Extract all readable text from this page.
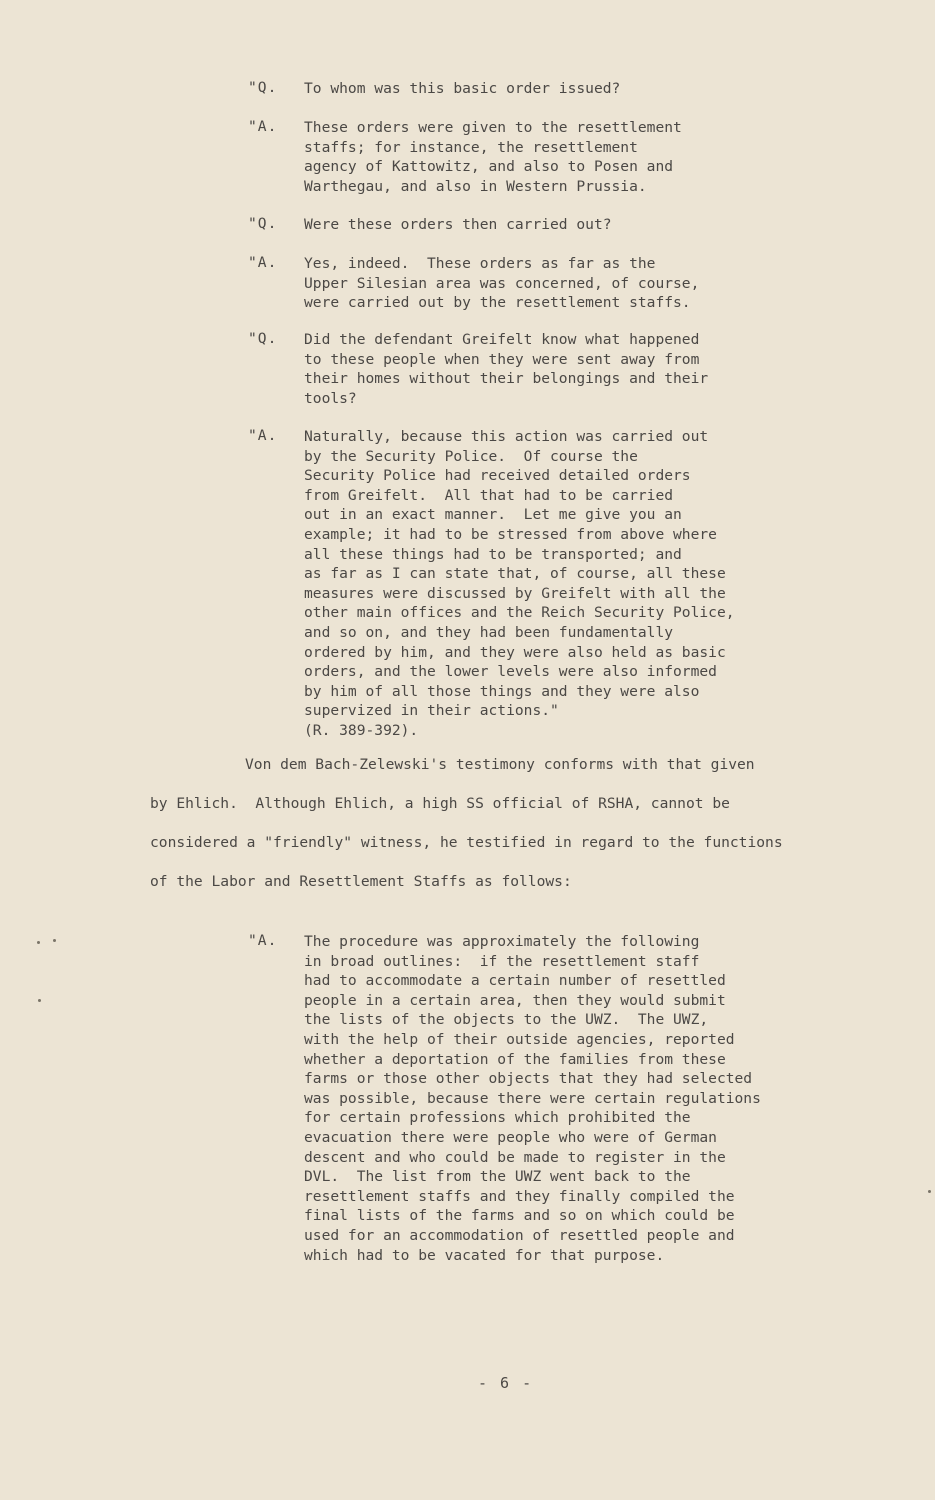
"Q.	To whom was this basic order issued?
"A.	These orders were given to the resettlement
staffs; for instance, the resettlement
agency of Kattowitz, and also to Posen and
Warthegau, and also in Western Prussia.
"Q.	Were these orders then carried out?
"A.	Yes, indeed.  These orders as far as the
Upper Silesian area was concerned, of course,
were carried out by the resettlement staffs.
"Q.	Did the defendant Greifelt know what happened
to these people when they were sent away from
their homes without their belongings and their
tools?
"A.	Naturally, because this action was carried out
by the Security Police.  Of course the
Security Police had received detailed orders
from Greifelt.  All that had to be carried
out in an exact manner.  Let me give you an
example; it had to be stressed from above where
all these things had to be transported; and
as far as I can state that, of course, all these
measures were discussed by Greifelt with all the
other main offices and the Reich Security Police,
and so on, and they had been fundamentally
ordered by him, and they were also held as basic
orders, and the lower levels were also informed
by him of all those things and they were also
supervized in their actions."
(R. 389-392).
Von dem Bach-Zelewski's testimony conforms with that given
by Ehlich.  Although Ehlich, a high SS official of RSHA, cannot be
considered a "friendly" witness, he testified in regard to the functions
of the Labor and Resettlement Staffs as follows:
"A.	The procedure was approximately the following
in broad outlines:  if the resettlement staff
had to accommodate a certain number of resettled
people in a certain area, then they would submit
the lists of the objects to the UWZ.  The UWZ,
with the help of their outside agencies, reported
whether a deportation of the families from these
farms or those other objects that they had selected
was possible, because there were certain regulations
for certain professions which prohibited the
evacuation there were people who were of German
descent and who could be made to register in the
DVL.  The list from the UWZ went back to the
resettlement staffs and they finally compiled the
final lists of the farms and so on which could be
used for an accommodation of resettled people and
which had to be vacated for that purpose.
- 6 -
